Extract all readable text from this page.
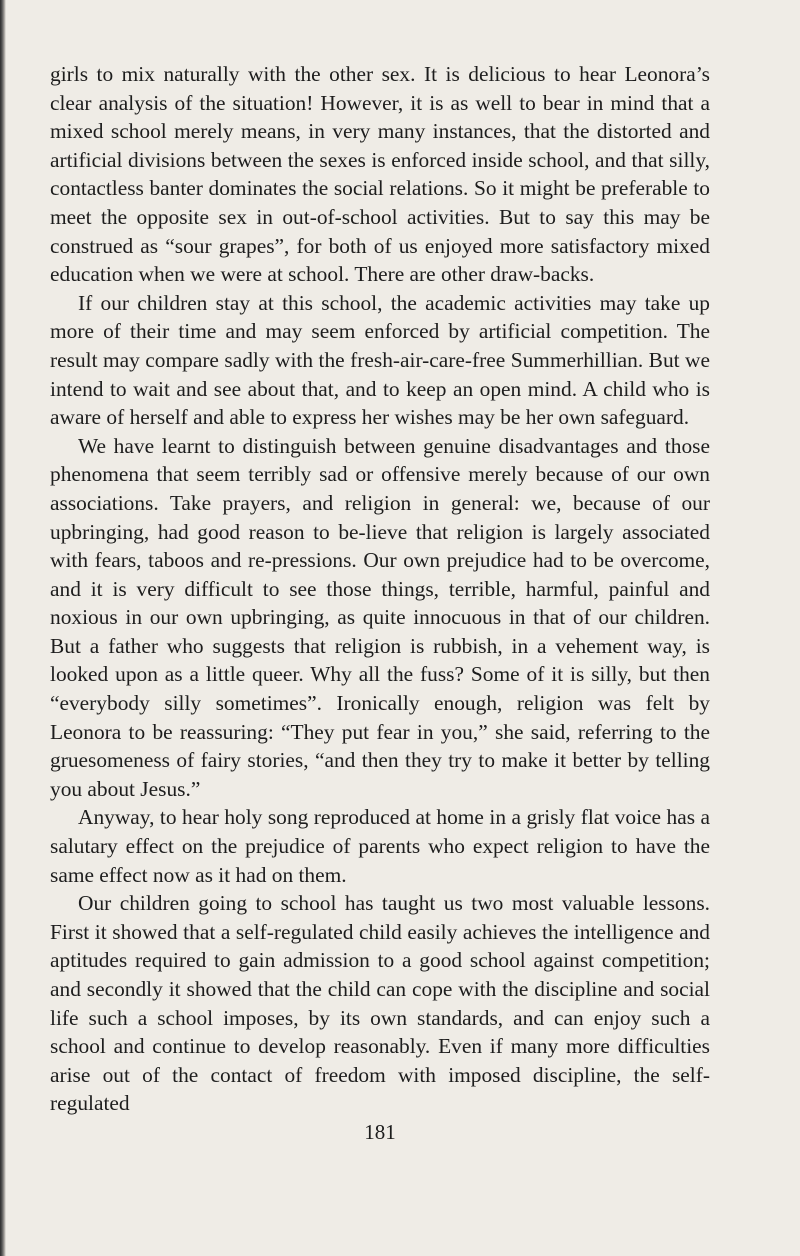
girls to mix naturally with the other sex. It is delicious to hear Leonora’s clear analysis of the situation! However, it is as well to bear in mind that a mixed school merely means, in very many instances, that the distorted and artificial divisions between the sexes is enforced inside school, and that silly, contactless banter dominates the social relations. So it might be preferable to meet the opposite sex in out-of-school activities. But to say this may be construed as “sour grapes”, for both of us enjoyed more satisfactory mixed education when we were at school. There are other draw-backs.

If our children stay at this school, the academic activities may take up more of their time and may seem enforced by artificial competition. The result may compare sadly with the fresh-air-care-free Summerhillian. But we intend to wait and see about that, and to keep an open mind. A child who is aware of herself and able to express her wishes may be her own safeguard.

We have learnt to distinguish between genuine disadvantages and those phenomena that seem terribly sad or offensive merely because of our own associations. Take prayers, and religion in general: we, because of our upbringing, had good reason to be-lieve that religion is largely associated with fears, taboos and re-pressions. Our own prejudice had to be overcome, and it is very difficult to see those things, terrible, harmful, painful and noxious in our own upbringing, as quite innocuous in that of our children. But a father who suggests that religion is rubbish, in a vehement way, is looked upon as a little queer. Why all the fuss? Some of it is silly, but then “everybody silly sometimes”. Ironically enough, religion was felt by Leonora to be reassuring: “They put fear in you,” she said, referring to the gruesomeness of fairy stories, “and then they try to make it better by telling you about Jesus.”

Anyway, to hear holy song reproduced at home in a grisly flat voice has a salutary effect on the prejudice of parents who expect religion to have the same effect now as it had on them.

Our children going to school has taught us two most valuable lessons. First it showed that a self-regulated child easily achieves the intelligence and aptitudes required to gain admission to a good school against competition; and secondly it showed that the child can cope with the discipline and social life such a school imposes, by its own standards, and can enjoy such a school and continue to develop reasonably. Even if many more difficulties arise out of the contact of freedom with imposed discipline, the self-regulated

181
